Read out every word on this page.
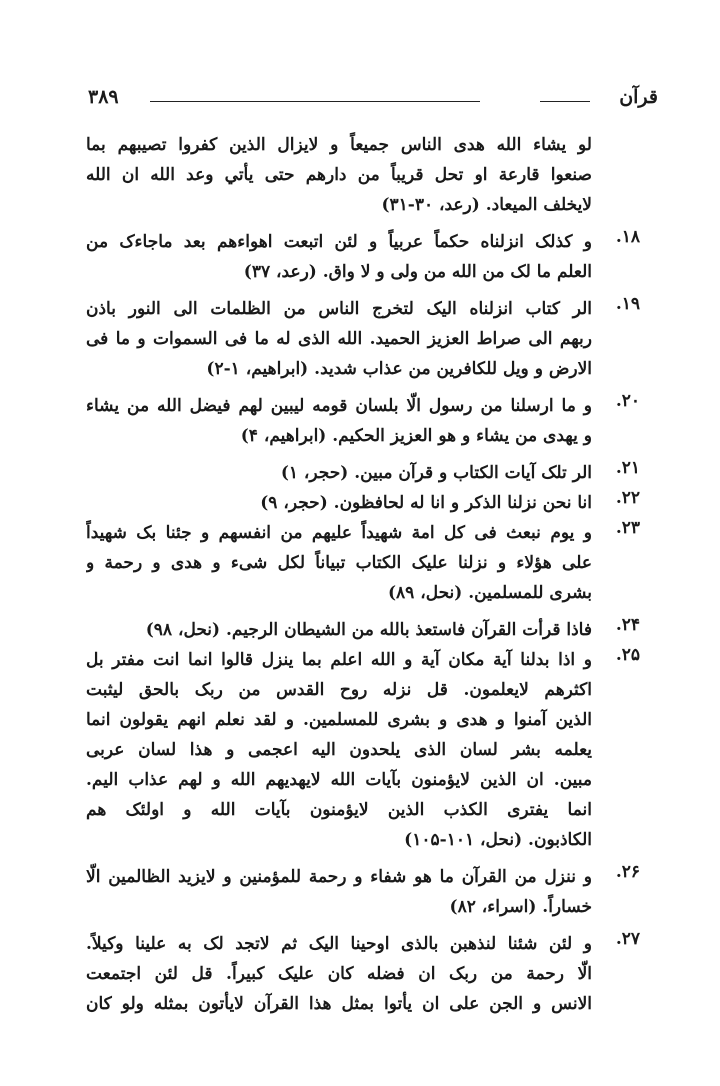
٣٨٩	قرآن
لو يشاء الله هدى الناس جميعاً و لايزال الذين كفروا تصيبهم بما
صنعوا قارعة او تحل قريباً من دارهم حتى يأتي وعد الله ان الله
لايخلف الميعاد. (رعد، ٣٠-٣١)
١٨.
و كذلک انزلناه حكماً عربياً و لئن اتبعت اهواءهم بعد ماجاءک من
العلم ما لک من الله من ولى و لا واق. (رعد، ٣٧)
١٩.
الر كتاب انزلناه اليک لتخرج الناس من الظلمات الى النور باذن
ربهم الى صراط العزيز الحميد. الله الذى له ما فى السموات و ما فى
الارض و ويل للكافرين من عذاب شديد. (ابراهيم، ١-٢)
٢٠.
و ما ارسلنا من رسول الّا بلسان قومه ليبين لهم فيضل الله من يشاء
و يهدى من يشاء و هو العزيز الحكيم. (ابراهيم، ۴)
٢١.
الر تلک آيات الكتاب و قرآن مبين. (حجر، ١)
٢٢.
انا نحن نزلنا الذكر و انا له لحافظون. (حجر، ٩)
٢٣.
و يوم نبعث فى كل امة شهيداً عليهم من انفسهم و جئنا بک شهيداً
على هؤلاء و نزلنا عليک الكتاب تبياناً لكل شىء و هدى و رحمة و
بشرى للمسلمين. (نحل، ٨٩)
٢۴.
فاذا قرأت القرآن فاستعذ بالله من الشيطان الرجيم. (نحل، ٩٨)
٢۵.
و اذا بدلنا آية مكان آية و الله اعلم بما ينزل قالوا انما انت مفتر بل
اكثرهم لايعلمون. قل نزله روح القدس من ربک بالحق ليثبت
الذين آمنوا و هدى و بشرى للمسلمين. و لقد نعلم انهم يقولون انما
يعلمه بشر لسان الذى يلحدون اليه اعجمى و هذا لسان عربى
مبين. ان الذين لايؤمنون بآيات الله لايهديهم الله و لهم عذاب اليم.
انما يفترى الكذب الذين لايؤمنون بآيات الله و اولئک هم
الكاذبون. (نحل، ١٠١-١٠۵)
٢۶.
و ننزل من القرآن ما هو شفاء و رحمة للمؤمنين و لايزيد الظالمين الّا
خساراً. (اسراء، ٨٢)
٢٧.
و لئن شئنا لنذهبن بالذى اوحينا اليک ثم لاتجد لک به علينا وكيلاً.
الّا رحمة من ربک ان فضله كان عليک كبيراً. قل لئن اجتمعت
الانس و الجن على ان يأتوا بمثل هذا القرآن لايأتون بمثله ولو كان
